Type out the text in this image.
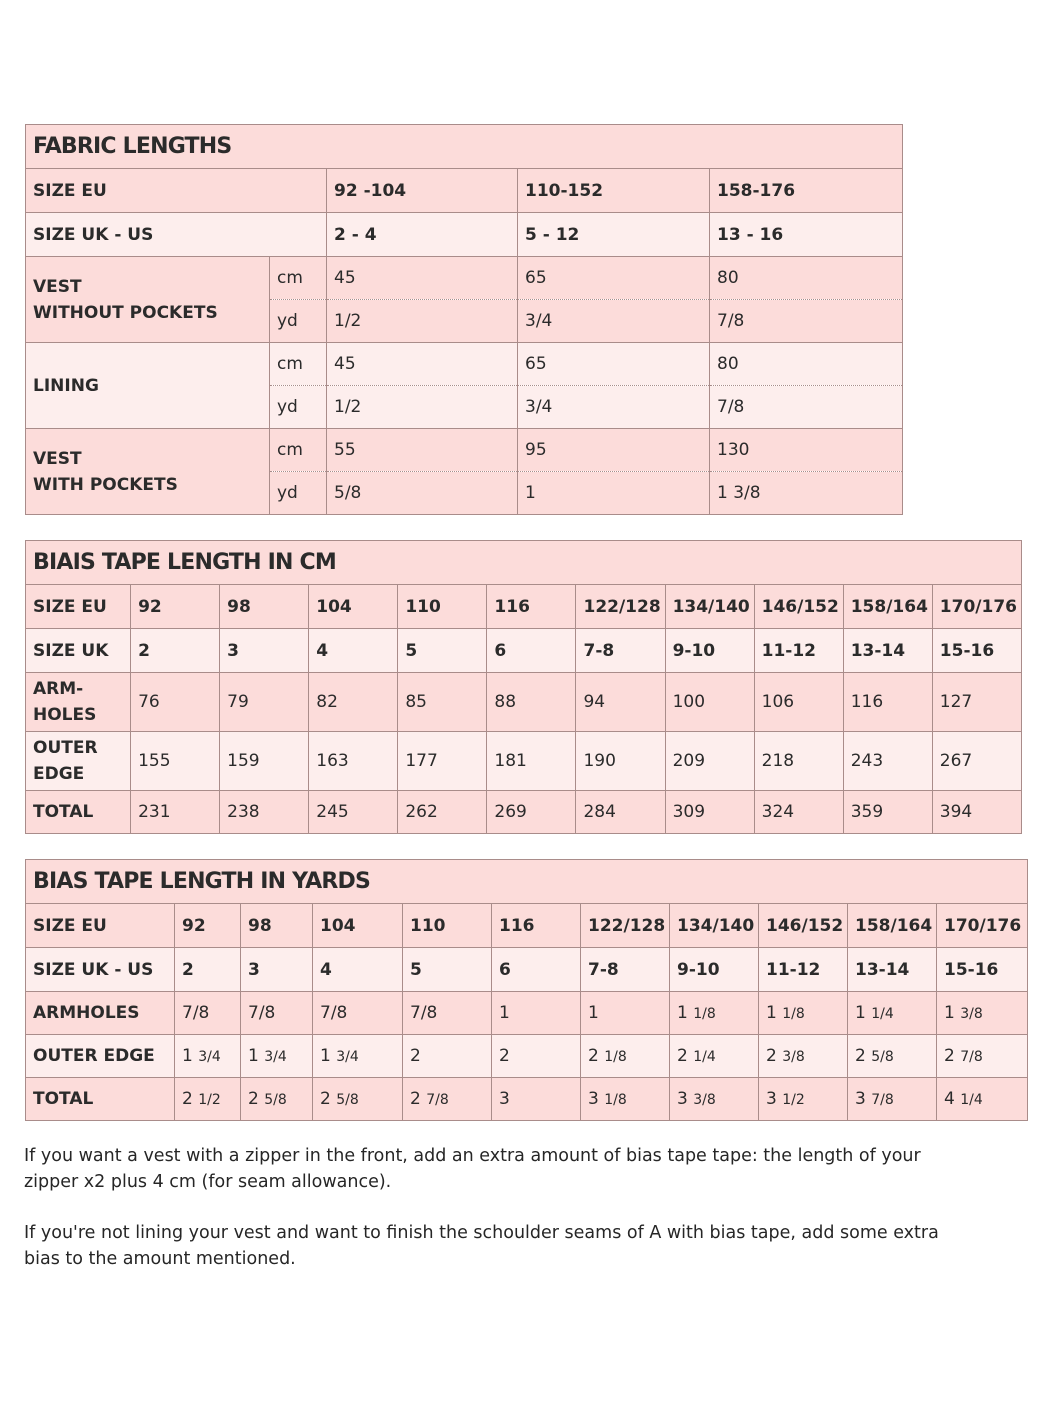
FABRIC LENGTHS				
SIZE EU		92 -104	110-152	158-176
SIZE UK - US		2 - 4	5 - 12	13 - 16
VEST
WITHOUT POCKETS	cm	45	65	80
	yd	1/2	3/4	7/8
LINING	cm	45	65	80
	yd	1/2	3/4	7/8
VEST
WITH POCKETS	cm	55	95	130
	yd	5/8	1	1 3/8
BIAIS TAPE LENGTH IN CM										
SIZE EU	92	98	104	110	116	122/128	134/140	146/152	158/164	170/176
SIZE UK	2	3	4	5	6	7-8	9-10	11-12	13-14	15-16
ARM-
HOLES	76	79	82	85	88	94	100	106	116	127
OUTER
EDGE	155	159	163	177	181	190	209	218	243	267
TOTAL	231	238	245	262	269	284	309	324	359	394
BIAS TAPE LENGTH IN YARDS										
SIZE EU	92	98	104	110	116	122/128	134/140	146/152	158/164	170/176
SIZE UK - US	2	3	4	5	6	7-8	9-10	11-12	13-14	15-16
ARMHOLES	7/8	7/8	7/8	7/8	1	1	1 1/8	1 1/8	1 1/4	1 3/8
OUTER EDGE	1 3/4	1 3/4	1 3/4	2	2	2 1/8	2 1/4	2 3/8	2 5/8	2 7/8
TOTAL	2 1/2	2 5/8	2 5/8	2 7/8	3	3 1/8	3 3/8	3 1/2	3 7/8	4 1/4

If you want a vest with a zipper in the front, add an extra amount of bias tape tape: the length of your zipper x2 plus 4 cm (for seam allowance).

If you're not lining your vest and want to finish the schoulder seams of A with bias tape, add some extra bias to the amount mentioned.
